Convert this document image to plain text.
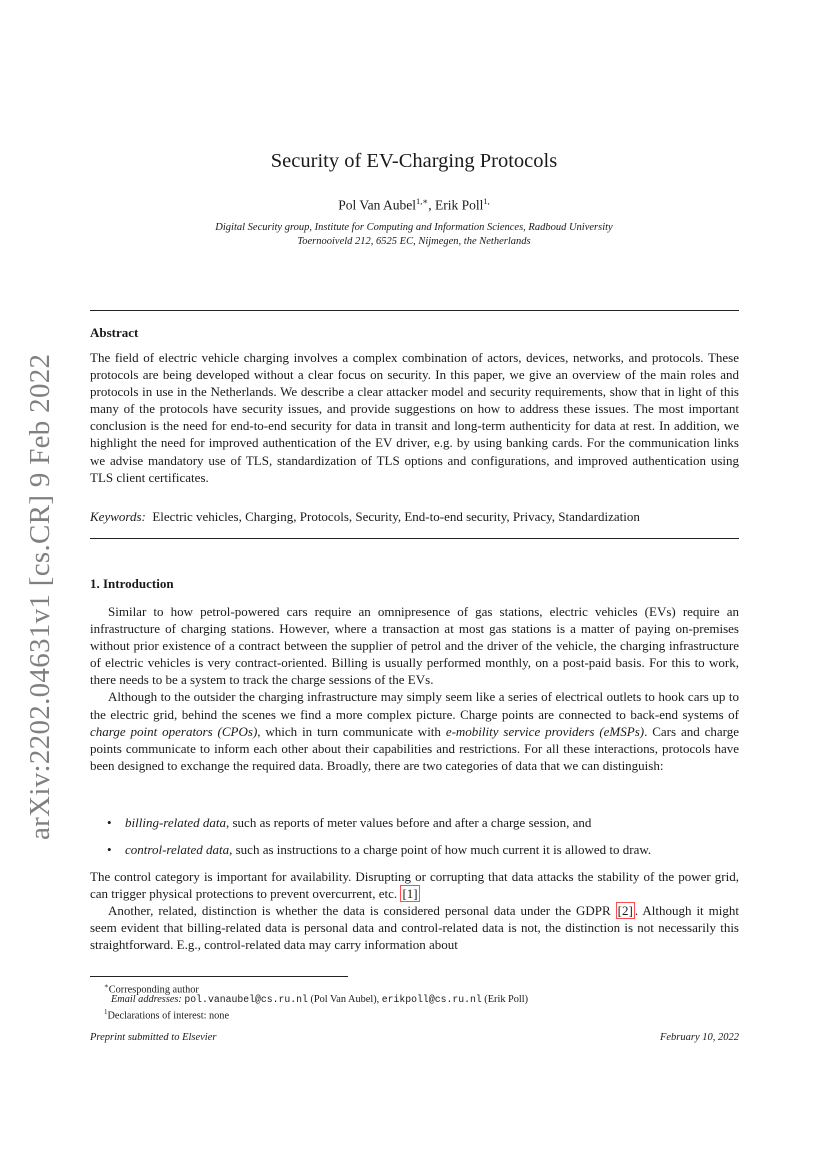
arXiv:2202.04631v1 [cs.CR] 9 Feb 2022
Security of EV-Charging Protocols
Pol Van Aubel$^{1,∗}$, Erik Poll$^{1,}$
Digital Security group, Institute for Computing and Information Sciences, Radboud University
Toernooiveld 212, 6525 EC, Nijmegen, the Netherlands
Abstract

The field of electric vehicle charging involves a complex combination of actors, devices, networks, and protocols. These protocols are being developed without a clear focus on security. In this paper, we give an overview of the main roles and protocols in use in the Netherlands. We describe a clear attacker model and security requirements, show that in light of this many of the protocols have security issues, and provide suggestions on how to address these issues. The most important conclusion is the need for end-to-end security for data in transit and long-term authenticity for data at rest. In addition, we highlight the need for improved authentication of the EV driver, e.g. by using banking cards. For the communication links we advise mandatory use of TLS, standardization of TLS options and configurations, and improved authentication using TLS client certificates.

Keywords: Electric vehicles, Charging, Protocols, Security, End-to-end security, Privacy, Standardization
1. Introduction

Similar to how petrol-powered cars require an omnipresence of gas stations, electric vehicles (EVs) require an infrastructure of charging stations. However, where a transaction at most gas stations is a matter of paying on-premises without prior existence of a contract between the supplier of petrol and the driver of the vehicle, the charging infrastructure of electric vehicles is very contract-oriented. Billing is usually performed monthly, on a post-paid basis. For this to work, there needs to be a system to track the charge sessions of the EVs.

Although to the outsider the charging infrastructure may simply seem like a series of electrical outlets to hook cars up to the electric grid, behind the scenes we find a more complex picture. Charge points are connected to back-end systems of charge point operators (CPOs), which in turn communicate with e-mobility service providers (eMSPs). Cars and charge points communicate to inform each other about their capabilities and restrictions. For all these interactions, protocols have been designed to exchange the required data. Broadly, there are two categories of data that we can distinguish:

• billing-related data, such as reports of meter values before and after a charge session, and
• control-related data, such as instructions to a charge point of how much current it is allowed to draw.

The control category is important for availability. Disrupting or corrupting that data attacks the stability of the power grid, can trigger physical protections to prevent overcurrent, etc. [1]

Another, related, distinction is whether the data is considered personal data under the GDPR [2] . Although it might seem evident that billing-related data is personal data and control-related data is not, the distinction is not necessarily this straightforward. E.g., control-related data may carry information about

∗Corresponding author
Email addresses: pol.vanaubel@cs.ru.nl (Pol Van Aubel), erikpoll@cs.ru.nl (Erik Poll)
$^1$Declarations of interest: none
Preprint submitted to Elsevier	February 10, 2022
